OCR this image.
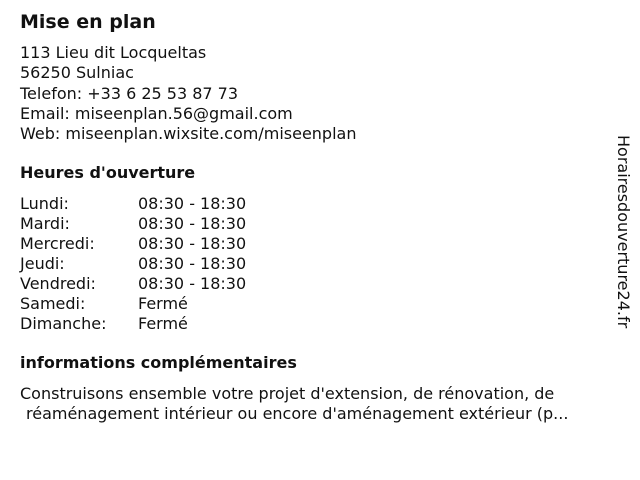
Mise en plan
113 Lieu dit Locqueltas
56250 Sulniac
Telefon: +33 6 25 53 87 73
Email: miseenplan.56@gmail.com
Web: miseenplan.wixsite.com/miseenplan
Heures d'ouverture
Lundi:	08:30 - 18:30
Mardi:	08:30 - 18:30
Mercredi:	08:30 - 18:30
Jeudi:	08:30 - 18:30
Vendredi:	08:30 - 18:30
Samedi:	Fermé
Dimanche: Fermé
informations complémentaires
Construisons ensemble votre projet d'extension, de rénovation, de
réaménagement intérieur ou encore d'aménagement extérieur (p...
Horairesdouverture24.fr
